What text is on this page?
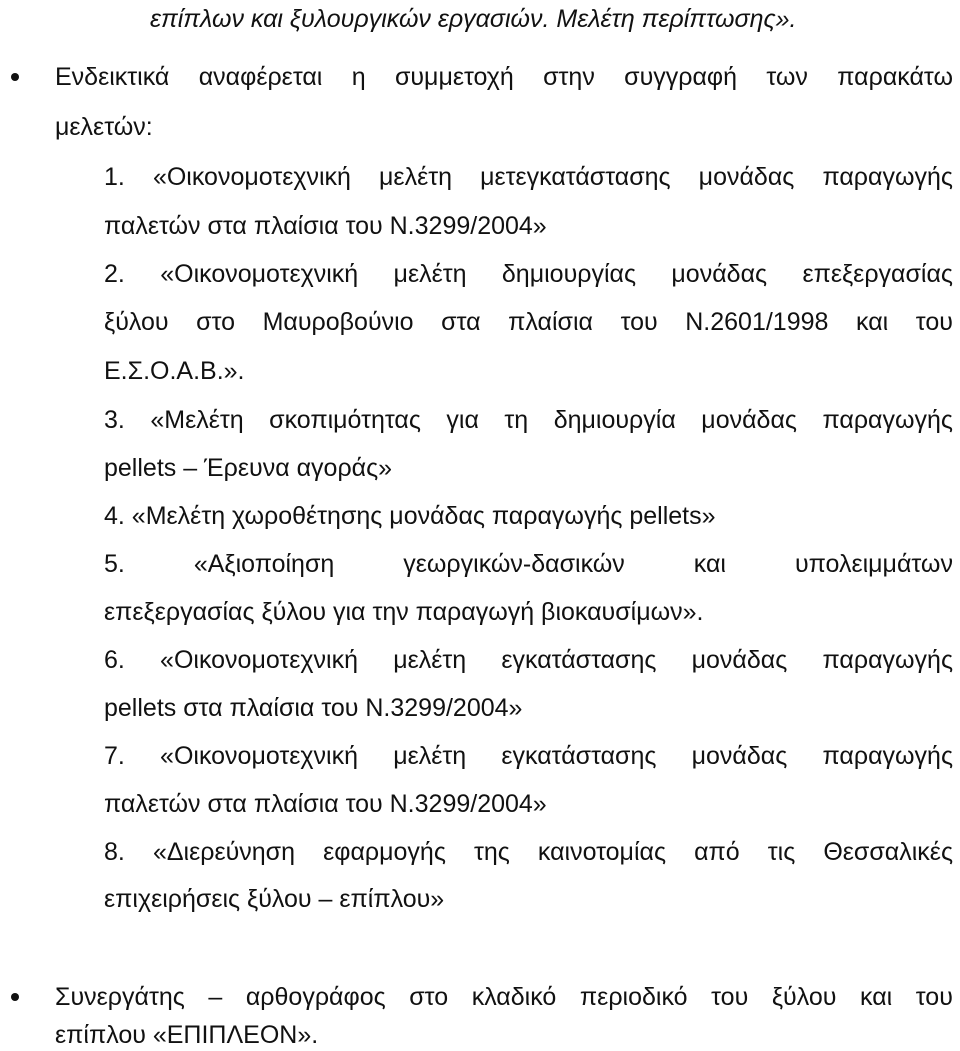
επίπλων και ξυλουργικών εργασιών. Μελέτη περίπτωσης».
Ενδεικτικά αναφέρεται η συμμετοχή στην συγγραφή των παρακάτω
μελετών:
1. «Οικονομοτεχνική μελέτη μετεγκατάστασης μονάδας παραγωγής
παλετών στα πλαίσια του Ν.3299/2004»
2. «Οικονομοτεχνική μελέτη δημιουργίας μονάδας επεξεργασίας
ξύλου στο Μαυροβούνιο στα πλαίσια του Ν.2601/1998 και του
Ε.Σ.Ο.Α.Β.».
3. «Μελέτη σκοπιμότητας για τη δημιουργία μονάδας παραγωγής
pellets – Έρευνα αγοράς»
4. «Μελέτη χωροθέτησης μονάδας παραγωγής pellets»
5.	«Αξιοποίηση	γεωργικών-δασικών	και	υπολειμμάτων
επεξεργασίας ξύλου για την παραγωγή βιοκαυσίμων».
6. «Οικονομοτεχνική μελέτη εγκατάστασης μονάδας παραγωγής
pellets στα πλαίσια του Ν.3299/2004»
7. «Οικονομοτεχνική μελέτη εγκατάστασης μονάδας παραγωγής
παλετών στα πλαίσια του Ν.3299/2004»
8. «Διερεύνηση εφαρμογής της καινοτομίας από τις Θεσσαλικές
επιχειρήσεις ξύλου – επίπλου»
Συνεργάτης – αρθογράφος στο κλαδικό περιοδικό του ξύλου και του
επίπλου «ΕΠΙΠΛΕΟΝ».
